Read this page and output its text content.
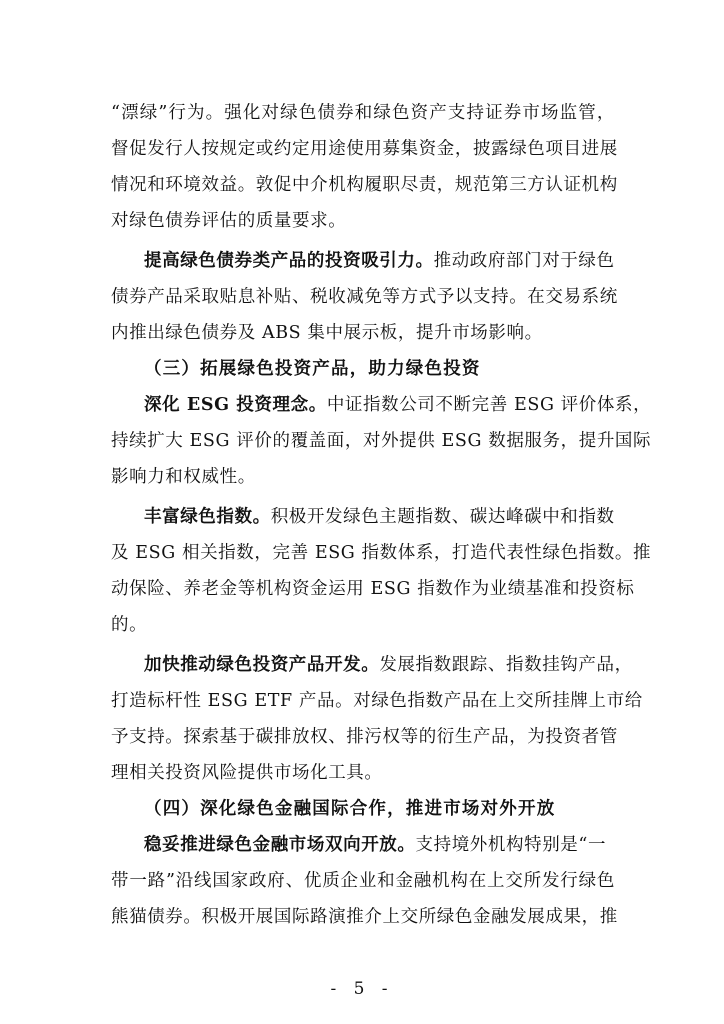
“漂绿”行为。强化对绿色债券和绿色资产支持证券市场监管，
督促发行人按规定或约定用途使用募集资金，披露绿色项目进展
情况和环境效益。敦促中介机构履职尽责，规范第三方认证机构
对绿色债券评估的质量要求。
提高绿色债券类产品的投资吸引力。推动政府部门对于绿色
债券产品采取贴息补贴、税收减免等方式予以支持。在交易系统
内推出绿色债券及 ABS 集中展示板，提升市场影响。
（三）拓展绿色投资产品，助力绿色投资
深化 ESG 投资理念。中证指数公司不断完善 ESG 评价体系，
持续扩大 ESG 评价的覆盖面，对外提供 ESG 数据服务，提升国际
影响力和权威性。
丰富绿色指数。积极开发绿色主题指数、碳达峰碳中和指数
及 ESG 相关指数，完善 ESG 指数体系，打造代表性绿色指数。推
动保险、养老金等机构资金运用 ESG 指数作为业绩基准和投资标
的。
加快推动绿色投资产品开发。发展指数跟踪、指数挂钩产品，
打造标杆性 ESG ETF 产品。对绿色指数产品在上交所挂牌上市给
予支持。探索基于碳排放权、排污权等的衍生产品，为投资者管
理相关投资风险提供市场化工具。
（四）深化绿色金融国际合作，推进市场对外开放
稳妥推进绿色金融市场双向开放。支持境外机构特别是“一
带一路”沿线国家政府、优质企业和金融机构在上交所发行绿色
熊猫债券。积极开展国际路演推介上交所绿色金融发展成果，推
- 5 -
